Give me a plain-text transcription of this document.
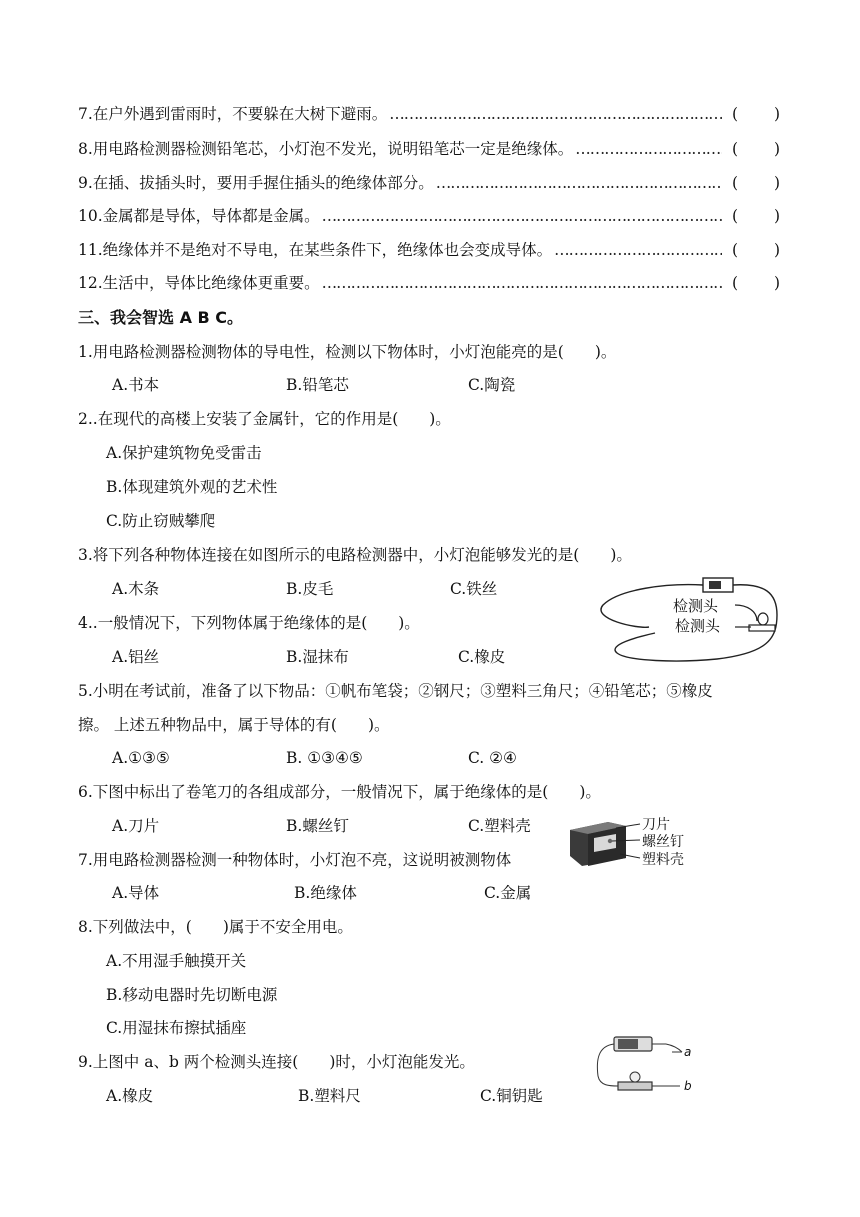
7.在户外遇到雷雨时，不要躲在大树下避雨。 ……………………………………………………………………………………………………………………………………………………	( )
8.用电路检测器检测铅笔芯，小灯泡不发光，说明铅笔芯一定是绝缘体。 ……………………………………………………………………………………………………………………………………………………	( )
9.在插、拔插头时，要用手握住插头的绝缘体部分。 ……………………………………………………………………………………………………………………………………………………	( )
10.金属都是导体，导体都是金属。 ……………………………………………………………………………………………………………………………………………………	( )
11.绝缘体并不是绝对不导电，在某些条件下，绝缘体也会变成导体。 ……………………………………………………………………………………………………………………………………………………	( )
12.生活中，导体比绝缘体更重要。 ……………………………………………………………………………………………………………………………………………………	( )
三、我会智选 A B C。
1.用电路检测器检测物体的导电性，检测以下物体时，小灯泡能亮的是(　　)。
A.书本	B.铅笔芯	C.陶瓷
2..在现代的高楼上安装了金属针，它的作用是(　　)。
A.保护建筑物免受雷击
B.体现建筑外观的艺术性
C.防止窃贼攀爬
3.将下列各种物体连接在如图所示的电路检测器中，小灯泡能够发光的是(　　)。
A.木条	B.皮毛	C.铁丝
4..一般情况下，下列物体属于绝缘体的是(　　)。
A.铝丝	B.湿抹布	C.橡皮
检测头
检测头
5.小明在考试前，准备了以下物品：①帆布笔袋；②钢尺；③塑料三角尺；④铅笔芯；⑤橡皮
擦。 上述五种物品中，属于导体的有(　　)。
A.①③⑤	B. ①③④⑤	C. ②④
6.下图中标出了卷笔刀的各组成部分，一般情况下，属于绝缘体的是(　　)。
A.刀片	B.螺丝钉	C.塑料壳
7.用电路检测器检测一种物体时，小灯泡不亮，这说明被测物体
A.导体	B.绝缘体	C.金属
刀片
螺丝钉
塑料壳
8.下列做法中，(　　)属于不安全用电。
A.不用湿手触摸开关
B.移动电器时先切断电源
C.用湿抹布擦拭插座
9.上图中 a、b 两个检测头连接(　　)时，小灯泡能发光。
A.橡皮	B.塑料尺	C.铜钥匙
a
b
